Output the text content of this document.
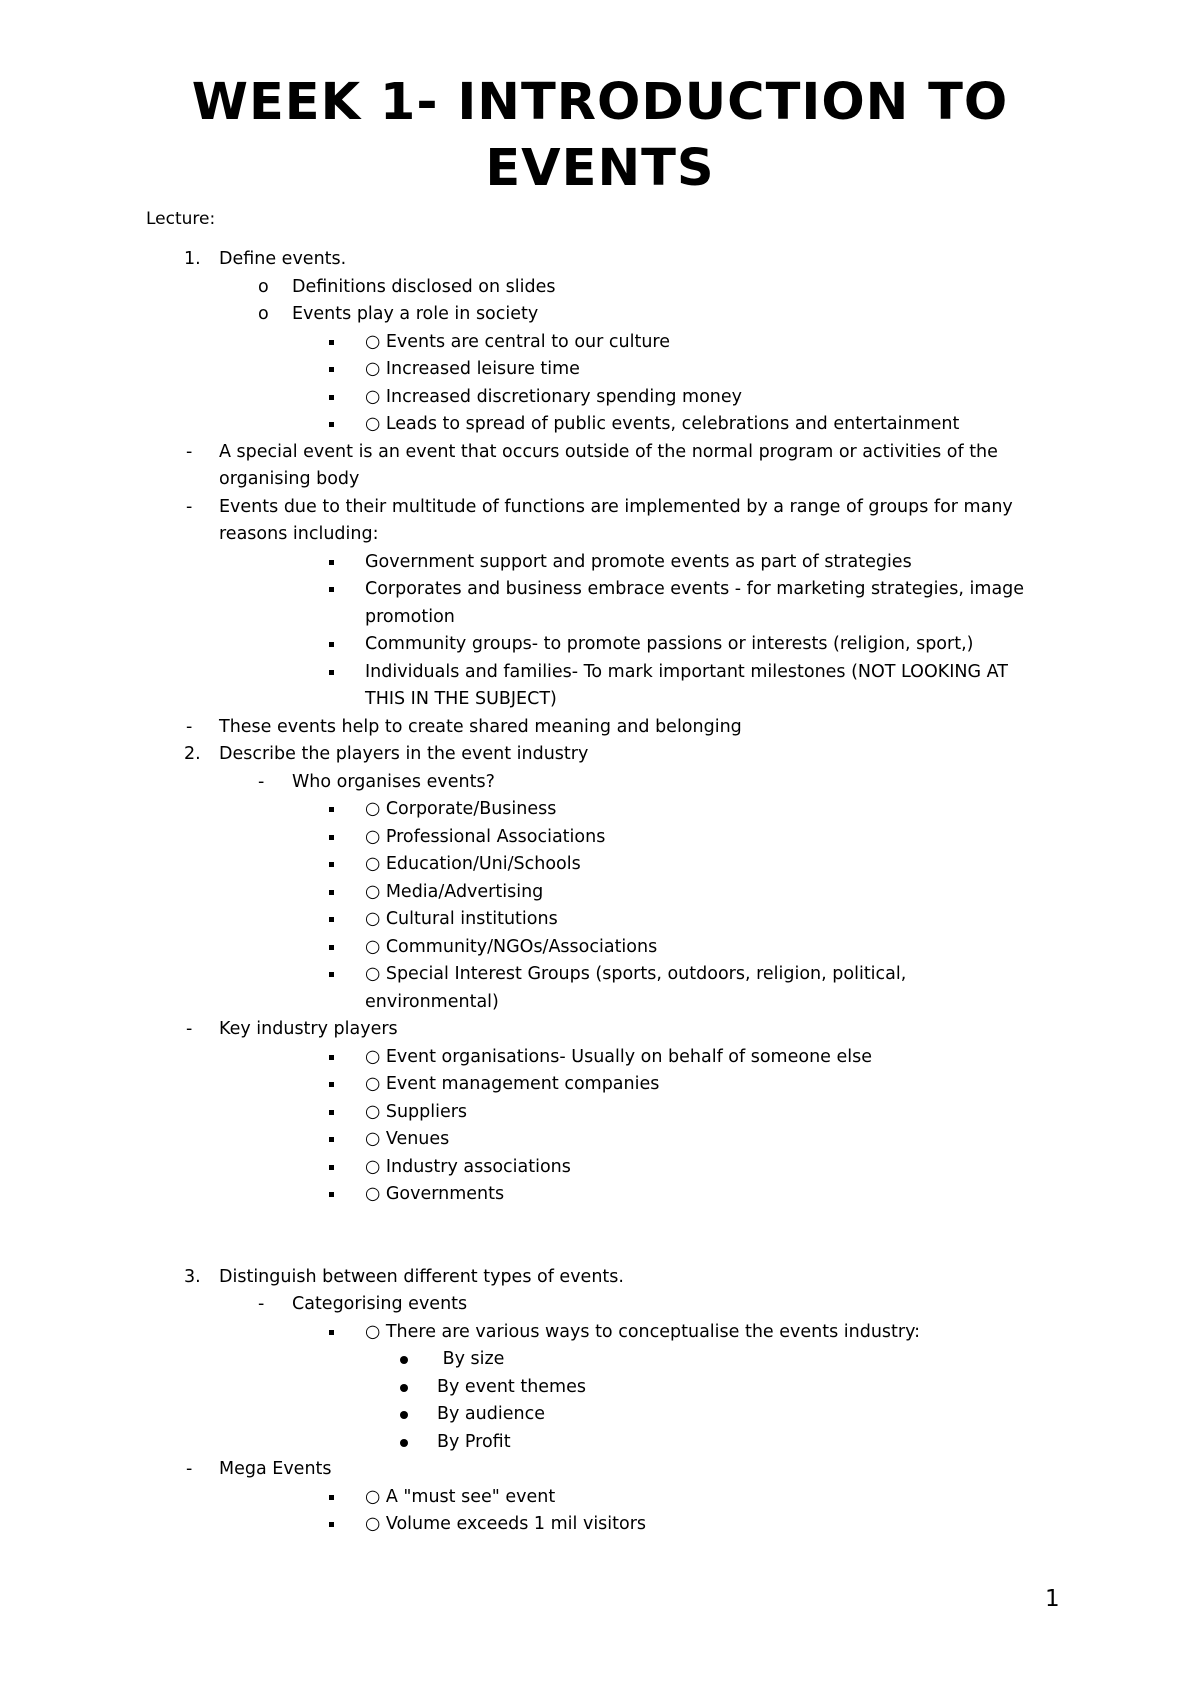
WEEK 1- INTRODUCTION TO
EVENTS
Lecture:
1. Define events.
o Definitions disclosed on slides
o Events play a role in society
○ Events are central to our culture
○ Increased leisure time
○ Increased discretionary spending money
○ Leads to spread of public events, celebrations and entertainment
- A special event is an event that occurs outside of the normal program or activities of the
organising body
- Events due to their multitude of functions are implemented by a range of groups for many
reasons including:
Government support and promote events as part of strategies
Corporates and business embrace events - for marketing strategies, image
promotion
Community groups- to promote passions or interests (religion, sport,)
Individuals and families- To mark important milestones (NOT LOOKING AT
THIS IN THE SUBJECT)
- These events help to create shared meaning and belonging
2. Describe the players in the event industry
- Who organises events?
○ Corporate/Business
○ Professional Associations
○ Education/Uni/Schools
○ Media/Advertising
○ Cultural institutions
○ Community/NGOs/Associations
○ Special Interest Groups (sports, outdoors, religion, political,
environmental)
- Key industry players
○ Event organisations- Usually on behalf of someone else
○ Event management companies
○ Suppliers
○ Venues
○ Industry associations
○ Governments
3. Distinguish between different types of events.
- Categorising events
○ There are various ways to conceptualise the events industry:
By size
By event themes
By audience
By Profit
- Mega Events
○ A "must see" event
○ Volume exceeds 1 mil visitors
1
